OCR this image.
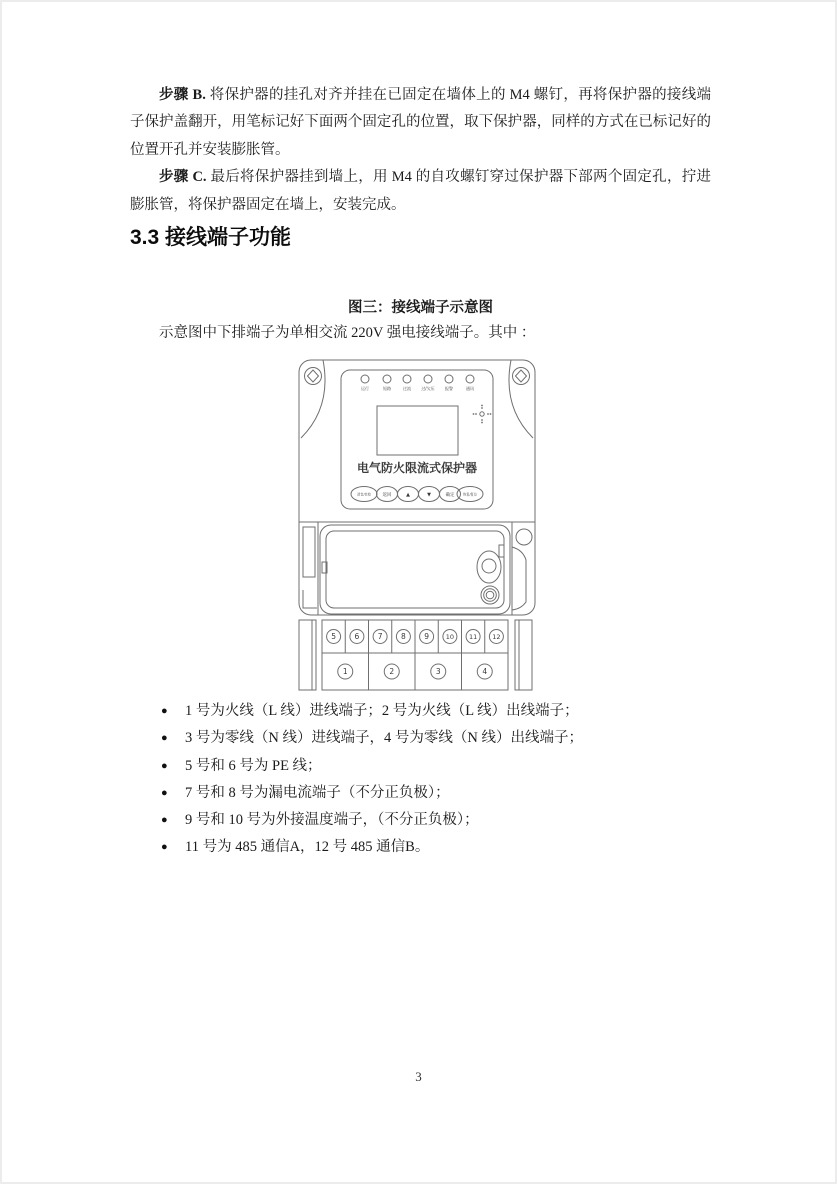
步骤 B. 将保护器的挂孔对齐并挂在已固定在墙体上的 M4 螺钉，再将保护器的接线端子保护盖翻开，用笔标记好下面两个固定孔的位置，取下保护器，同样的方式在已标记好的位置开孔并安装膨胀管。

步骤 C. 最后将保护器挂到墙上，用 M4 的自攻螺钉穿过保护器下部两个固定孔，拧进膨胀管，将保护器固定在墙上，安装完成。

3.3 接线端子功能
图三：接线端子示意图
示意图中下排端子为单相交流 220V 强电接线端子。其中 ：
运行	短路	过流	过/欠压	报警	通讯
电气防火限流式保护器
消音/自检	返回	▲	▼	确定	恢复/复位
5 6 7 8 9	10 11 12
1	2	3	4
●	1 号为火线（L 线）进线端子；2 号为火线（L 线）出线端子；
●	3 号为零线（N 线）进线端子，4 号为零线（N 线）出线端子；
●	5 号和 6 号为 PE 线；
●	7 号和 8 号为漏电流端子（不分正负极）；
●	9 号和 10 号为外接温度端子，（不分正负极）；
●	11 号为 485 通信A，12 号 485 通信B。
3
